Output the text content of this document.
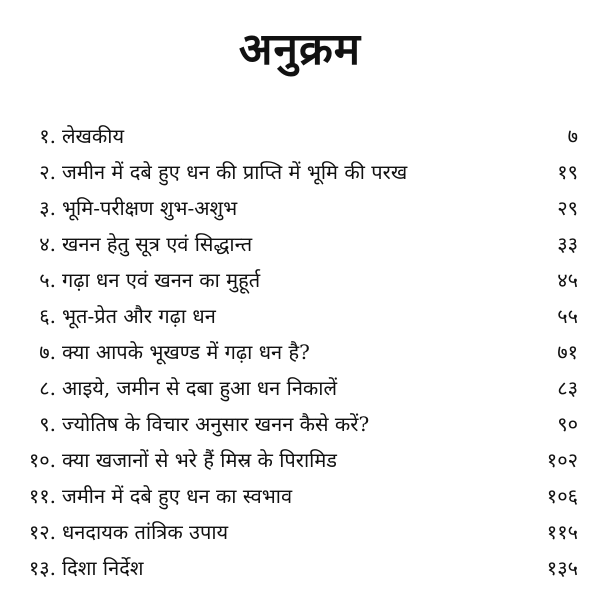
अनुक्रम
१. लेखकीय	७
२. जमीन में दबे हुए धन की प्राप्ति में भूमि की परख	१९
३. भूमि-परीक्षण शुभ-अशुभ	२९
४. खनन हेतु सूत्र एवं सिद्धान्त	३३
५. गढ़ा धन एवं खनन का मुहूर्त	४५
६. भूत-प्रेत और गढ़ा धन	५५
७. क्या आपके भूखण्ड में गढ़ा धन है?	७१
८. आइये, जमीन से दबा हुआ धन निकालें	८३
९. ज्योतिष के विचार अनुसार खनन कैसे करें?	९०
१०. क्या खजानों से भरे हैं मिस्र के पिरामिड	१०२
११. जमीन में दबे हुए धन का स्वभाव	१०६
१२. धनदायक तांत्रिक उपाय	११५
१३. दिशा निर्देश	१३५
